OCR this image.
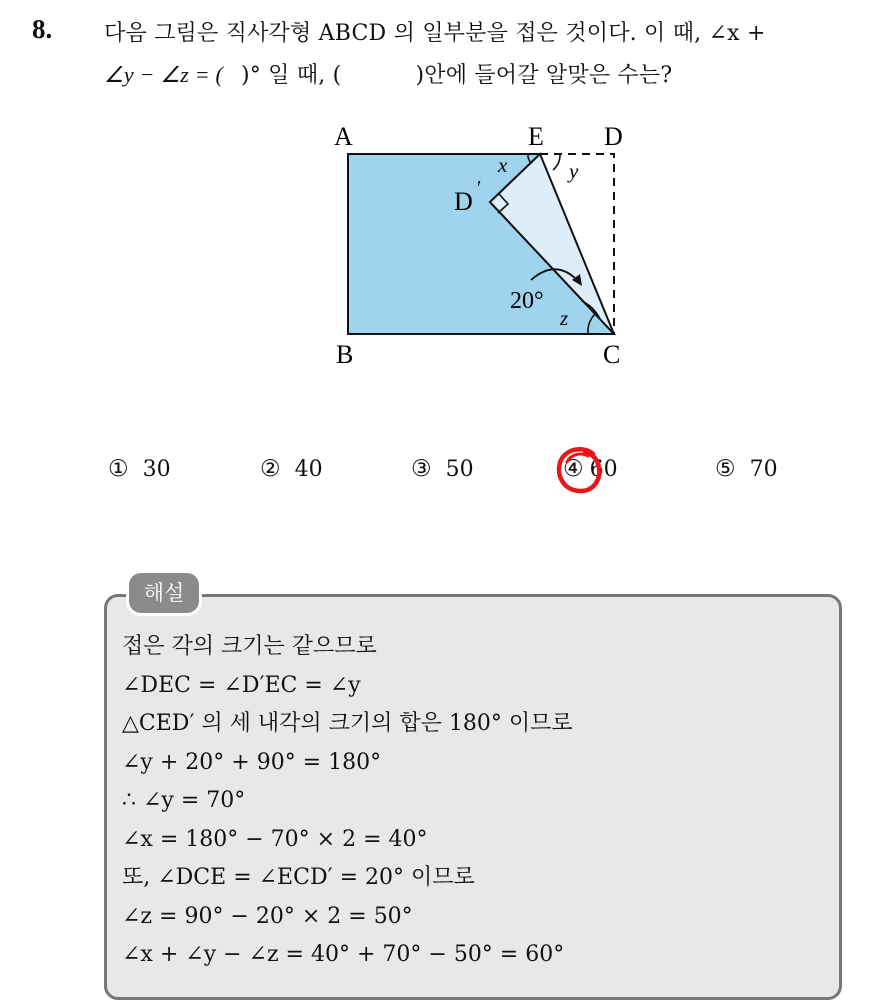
8. 다음 그림은 직사각형 ABCD 의 일부분을 접은 것이다. 이 때, ∠x +
∠y − ∠z = ( )° 일 때, (	)안에 들어갈 알맞은 수는?
A	E D
B	C
D ′
x	y
z
20°
① 30	② 40	③ 50	④ 60	⑤ 70
해설
접은 각의 크기는 같으므로
∠DEC = ∠D′EC = ∠y
△CED′ 의 세 내각의 크기의 합은 180° 이므로
∠y + 20° + 90° = 180°
∴ ∠y = 70°
∠x = 180° − 70° × 2 = 40°
또, ∠DCE = ∠ECD′ = 20° 이므로
∠z = 90° − 20° × 2 = 50°
∠x + ∠y − ∠z = 40° + 70° − 50° = 60°
